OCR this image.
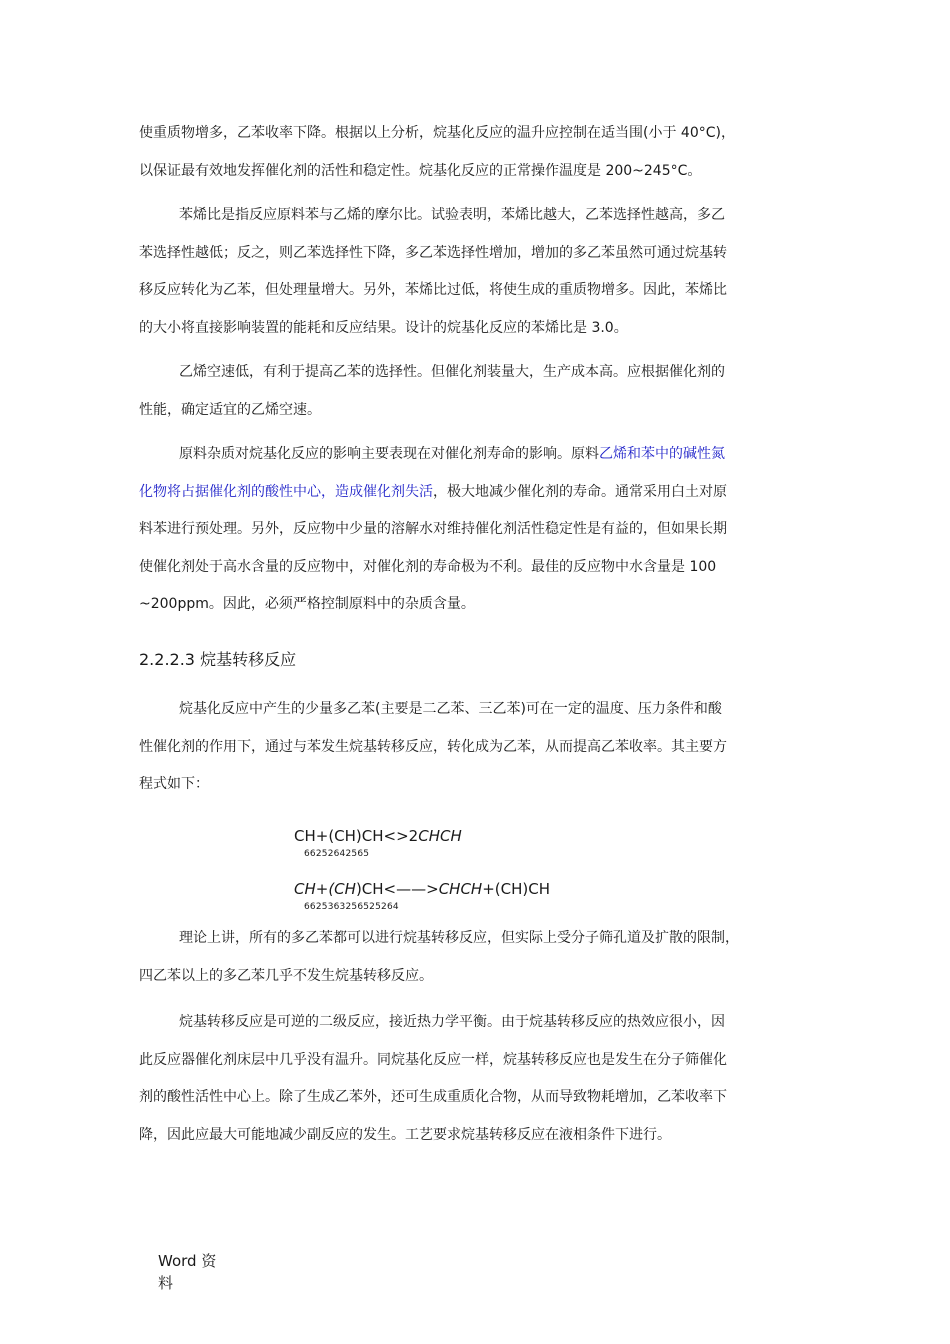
使重质物增多，乙苯收率下降。根据以上分析，烷基化反应的温升应控制在适当围(小于 40°C)，
以保证最有效地发挥催化剂的活性和稳定性。烷基化反应的正常操作温度是 200~245°C。
苯烯比是指反应原料苯与乙烯的摩尔比。试验表明，苯烯比越大，乙苯选择性越高，多乙
苯选择性越低；反之，则乙苯选择性下降，多乙苯选择性增加，增加的多乙苯虽然可通过烷基转
移反应转化为乙苯，但处理量增大。另外，苯烯比过低，将使生成的重质物增多。因此，苯烯比
的大小将直接影响装置的能耗和反应结果。设计的烷基化反应的苯烯比是 3.0。
乙烯空速低，有利于提高乙苯的选择性。但催化剂装量大，生产成本高。应根据催化剂的
性能，确定适宜的乙烯空速。
原料杂质对烷基化反应的影响主要表现在对催化剂寿命的影响。原料乙烯和苯中的碱性氮
化物将占据催化剂的酸性中心，造成催化剂失活，极大地减少催化剂的寿命。通常采用白土对原
料苯进行预处理。另外，反应物中少量的溶解水对维持催化剂活性稳定性是有益的，但如果长期
使催化剂处于高水含量的反应物中，对催化剂的寿命极为不利。最佳的反应物中水含量是 100
~200ppm。因此，必须严格控制原料中的杂质含量。
2.2.2.3 烷基转移反应
烷基化反应中产生的少量多乙苯(主要是二乙苯、三乙苯)可在一定的温度、压力条件和酸
性催化剂的作用下，通过与苯发生烷基转移反应，转化成为乙苯，从而提高乙苯收率。其主要方
程式如下：
CH+(CH)CH<>2CHCH
66252642565
CH+(CH)CH<——>CHCH+(CH)CH
6625363256525264
理论上讲，所有的多乙苯都可以进行烷基转移反应，但实际上受分子筛孔道及扩散的限制，
四乙苯以上的多乙苯几乎不发生烷基转移反应。
烷基转移反应是可逆的二级反应，接近热力学平衡。由于烷基转移反应的热效应很小，因
此反应器催化剂床层中几乎没有温升。同烷基化反应一样，烷基转移反应也是发生在分子筛催化
剂的酸性活性中心上。除了生成乙苯外，还可生成重质化合物，从而导致物耗增加，乙苯收率下
降，因此应最大可能地减少副反应的发生。工艺要求烷基转移反应在液相条件下进行。
Word 资料
